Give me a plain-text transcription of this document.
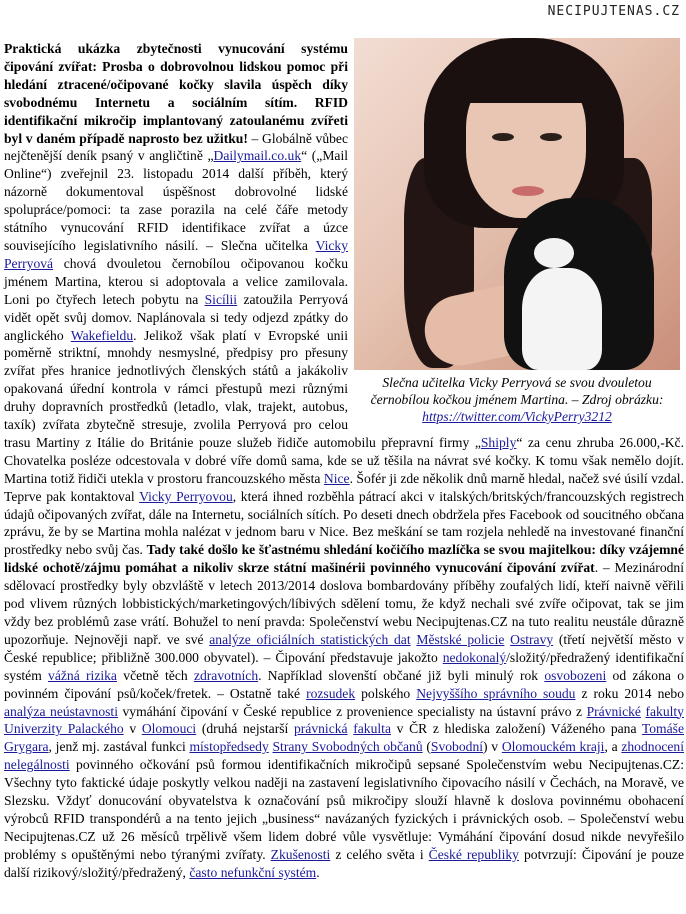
NECIPUJTENAS.CZ
Slečna učitelka Vicky Perryová se svou dvouletou černobílou kočkou jménem Martina. – Zdroj obrázku: https://twitter.com/VickyPerry3212
Praktická ukázka zbytečnosti vynucování systému čipování zvířat: Prosba o dobrovolnou lidskou pomoc při hledání ztracené/očipované kočky slavila úspěch díky svobodnému Internetu a sociálním sítím. RFID identifikační mikročip implantovaný zatoulanému zvířeti byl v daném případě naprosto bez užitku! – Globálně vůbec nejčtenější deník psaný v angličtině „Dailymail.co.uk“ („Mail Online“) zveřejnil 23. listopadu 2014 další příběh, který názorně dokumentoval úspěšnost dobrovolné lidské spolupráce/pomoci: ta zase porazila na celé čáře metody státního vynucování RFID identifikace zvířat a úzce souvisejícího legislativního násilí. – Slečna učitelka Vicky Perryová chová dvouletou černobílou očipovanou kočku jménem Martina, kterou si adoptovala a velice zamilovala. Loni po čtyřech letech pobytu na Sicílii zatoužila Perryová vidět opět svůj domov. Naplánovala si tedy odjezd zpátky do anglického Wakefieldu. Jelikož však platí v Evropské unii poměrně striktní, mnohdy nesmyslné, předpisy pro přesuny zvířat přes hranice jednotlivých členských států a jakákoliv opakovaná úřední kontrola v rámci přestupů mezi různými druhy dopravních prostředků (letadlo, vlak, trajekt, autobus, taxík) zvířata zbytečně stresuje, zvolila Perryová pro celou trasu Martiny z Itálie do Británie pouze služeb řidiče automobilu přepravní firmy „Shiply“ za cenu zhruba 26.000,-Kč. Chovatelka posléze odcestovala v dobré víře domů sama, kde se už těšila na návrat své kočky. K tomu však nemělo dojít. Martina totiž řidiči utekla v prostoru francouzského města Nice. Šofér ji zde několik dnů marně hledal, načež své úsilí vzdal. Teprve pak kontaktoval Vicky Perryovou, která ihned rozběhla pátrací akci v italských/britských/francouzských registrech údajů očipovaných zvířat, dále na Internetu, sociálních sítích. Po deseti dnech obdržela přes Facebook od soucitného občana zprávu, že by se Martina mohla nalézat v jednom baru v Nice. Bez meškání se tam rozjela nehledě na investované finanční prostředky nebo svůj čas. Tady také došlo ke šťastnému shledání kočičího mazlíčka se svou majitelkou: díky vzájemné lidské ochotě/zájmu pomáhat a nikoliv skrze státní mašinérii povinného vynucování čipování zvířat. – Mezinárodní sdělovací prostředky byly obzvláště v letech 2013/2014 doslova bombardovány příběhy zoufalých lidí, kteří naivně věřili pod vlivem různých lobbistických/marketingových/líbivých sdělení tomu, že když nechali své zvíře očipovat, tak se jim vždy bez problémů zase vrátí. Bohužel to není pravda: Společenství webu Necipujtenas.CZ na tuto realitu neustále důrazně upozorňuje. Nejnověji např. ve své analýze oficiálních statistických dat Městské policie Ostravy (třetí největší město v České republice; přibližně 300.000 obyvatel). – Čipování představuje jakožto nedokonalý/složitý/předražený identifikační systém vážná rizika včetně těch zdravotních. Například slovenští občané již byli minulý rok osvobozeni od zákona o povinném čipování psů/koček/fretek. – Ostatně také rozsudek polského Nejvyššího správního soudu z roku 2014 nebo analýza neústavnosti vymáhání čipování v České republice z provenience specialisty na ústavní právo z Právnické fakulty Univerzity Palackého v Olomouci (druhá nejstarší právnická fakulta v ČR z hlediska založení) Váženého pana Tomáše Grygara, jenž mj. zastával funkci místopředsedy Strany Svobodných občanů (Svobodní) v Olomouckém kraji, a zhodnocení nelegálnosti povinného očkování psů formou identifikačních mikročipů sepsané Společenstvím webu Necipujtenas.CZ: Všechny tyto faktické údaje poskytly velkou naději na zastavení legislativního čipovacího násilí v Čechách, na Moravě, ve Slezsku. Vždyť donucování obyvatelstva k označování psů mikročipy slouží hlavně k doslova povinnému obohacení výrobců RFID transpondérů a na tento jejich „business“ navázaných fyzických i právnických osob. – Společenství webu Necipujtenas.CZ už 26 měsíců trpělivě všem lidem dobré vůle vysvětluje: Vymáhání čipování dosud nikde nevyřešilo problémy s opuštěnými nebo týranými zvířaty. Zkušenosti z celého světa i České republiky potvrzují: Čipování je pouze další rizikový/složitý/předražený, často nefunkční systém.
